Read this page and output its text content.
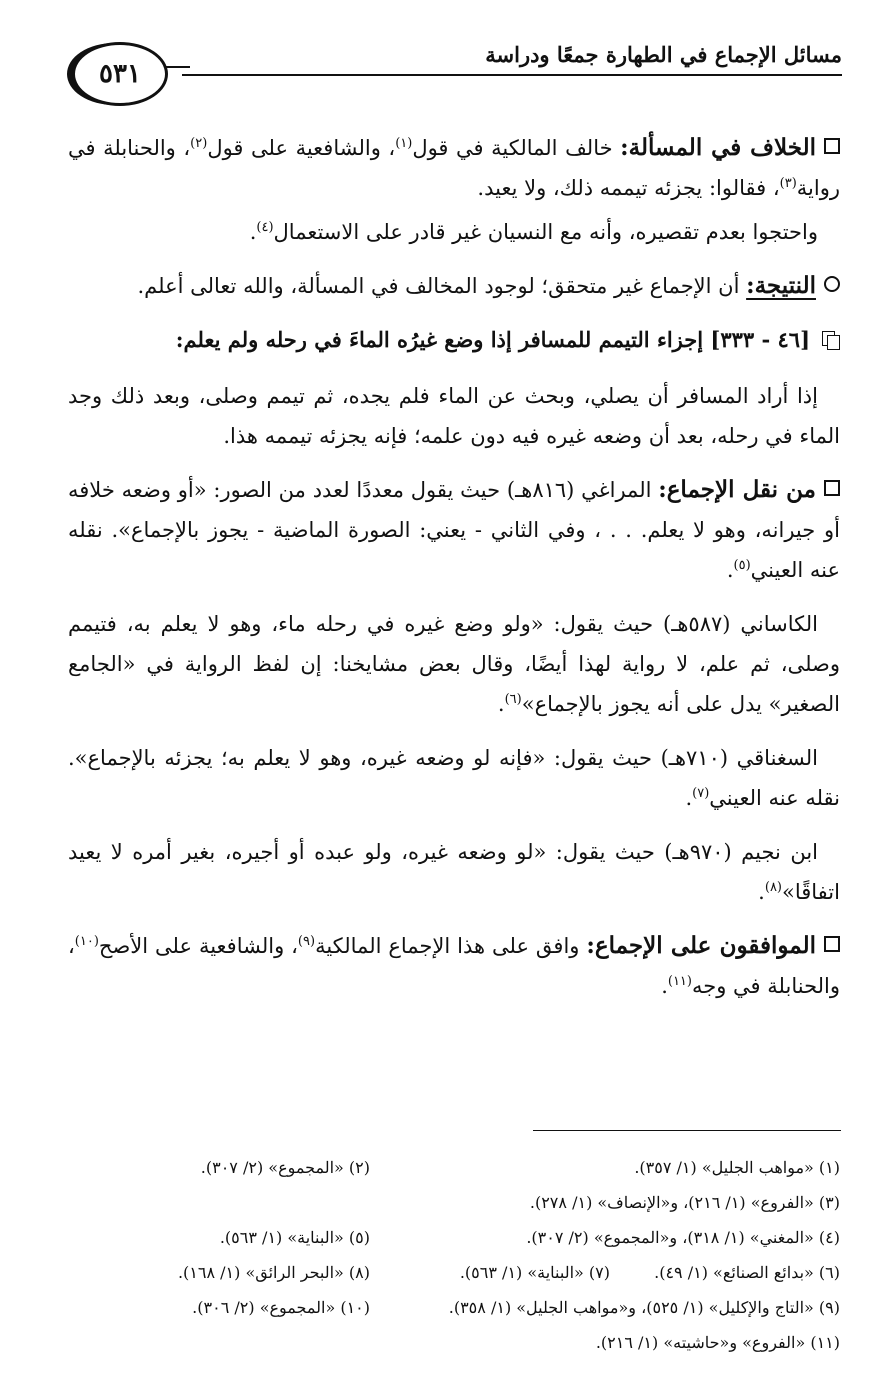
مسائل الإجماع في الطهارة جمعًا ودراسة
٥٣١

الخلاف في المسألة: خالف المالكية في قول$^{(١)}$، والشافعية على قول$^{(٢)}$، والحنابلة في رواية$^{(٣)}$، فقالوا: يجزئه تيممه ذلك، ولا يعيد.

واحتجوا بعدم تقصيره، وأنه مع النسيان غير قادر على الاستعمال$^{(٤)}$.

النتيجة: أن الإجماع غير متحقق؛ لوجود المخالف في المسألة، والله تعالى أعلم.

[٤٦ - ٣٣٣] إجزاء التيمم للمسافر إذا وضع غيرُه الماءَ في رحله ولم يعلم:

إذا أراد المسافر أن يصلي، وبحث عن الماء فلم يجده، ثم تيمم وصلى، وبعد ذلك وجد الماء في رحله، بعد أن وضعه غيره فيه دون علمه؛ فإنه يجزئه تيممه هذا.

من نقل الإجماع: المراغي (٨١٦هـ) حيث يقول معددًا لعدد من الصور: «أو وضعه خلافه أو جيرانه، وهو لا يعلم. . . ، وفي الثاني - يعني: الصورة الماضية - يجوز بالإجماع». نقله عنه العيني$^{(٥)}$.

الكاساني (٥٨٧هـ) حيث يقول: «ولو وضع غيره في رحله ماء، وهو لا يعلم به، فتيمم وصلى، ثم علم، لا رواية لهذا أيضًا، وقال بعض مشايخنا: إن لفظ الرواية في «الجامع الصغير» يدل على أنه يجوز بالإجماع»$^{(٦)}$.

السغناقي (٧١٠هـ) حيث يقول: «فإنه لو وضعه غيره، وهو لا يعلم به؛ يجزئه بالإجماع». نقله عنه العيني$^{(٧)}$.

ابن نجيم (٩٧٠هـ) حيث يقول: «لو وضعه غيره، ولو عبده أو أجيره، بغير أمره لا يعيد اتفاقًا»$^{(٨)}$.

الموافقون على الإجماع: وافق على هذا الإجماع المالكية$^{(٩)}$، والشافعية على الأصح$^{(١٠)}$، والحنابلة في وجه$^{(١١)}$.

(١) «مواهب الجليل» (١/ ٣٥٧).
(٢) «المجموع» (٢/ ٣٠٧).
(٣) «الفروع» (١/ ٢١٦)، و«الإنصاف» (١/ ٢٧٨).
(٤) «المغني» (١/ ٣١٨)، و«المجموع» (٢/ ٣٠٧).
(٥) «البناية» (١/ ٥٦٣).
(٦) «بدائع الصنائع» (١/ ٤٩).
(٧) «البناية» (١/ ٥٦٣).
(٨) «البحر الرائق» (١/ ١٦٨).
(٩) «التاج والإكليل» (١/ ٥٢٥)، و«مواهب الجليل» (١/ ٣٥٨).
(١٠) «المجموع» (٢/ ٣٠٦).
(١١) «الفروع» و«حاشيته» (١/ ٢١٦).
